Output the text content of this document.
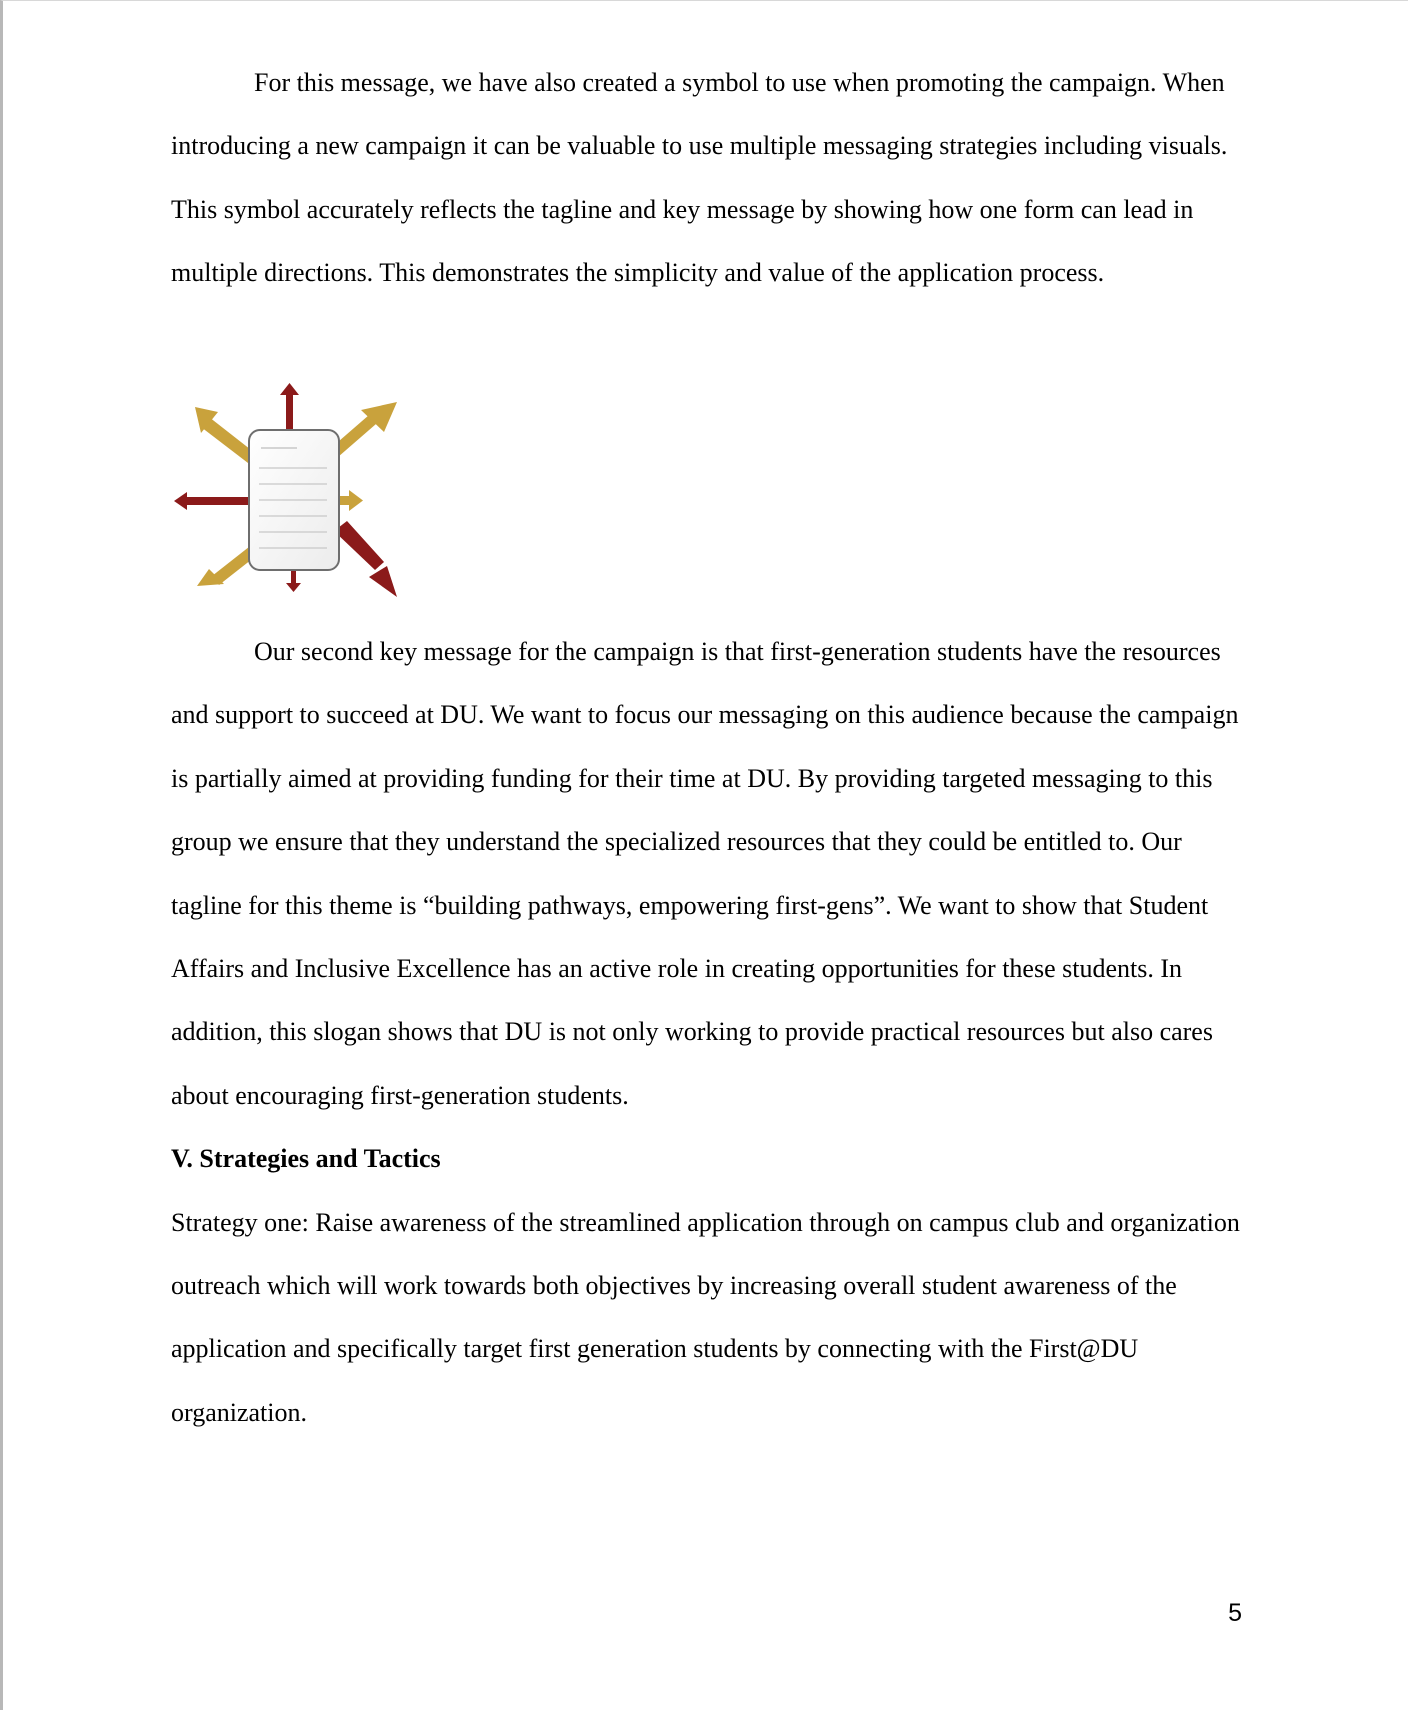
For this message, we have also created a symbol to use when promoting the campaign. When introducing a new campaign it can be valuable to use multiple messaging strategies including visuals. This symbol accurately reflects the tagline and key message by showing how one form can lead in multiple directions. This demonstrates the simplicity and value of the application process.

Our second key message for the campaign is that first-generation students have the resources and support to succeed at DU. We want to focus our messaging on this audience because the campaign is partially aimed at providing funding for their time at DU. By providing targeted messaging to this group we ensure that they understand the specialized resources that they could be entitled to. Our tagline for this theme is “building pathways, empowering first-gens”. We want to show that Student Affairs and Inclusive Excellence has an active role in creating opportunities for these students. In addition, this slogan shows that DU is not only working to provide practical resources but also cares about encouraging first-generation students.

V. Strategies and Tactics

Strategy one: Raise awareness of the streamlined application through on campus club and organization outreach which will work towards both objectives by increasing overall student awareness of the application and specifically target first generation students by connecting with the First@DU organization.

5
